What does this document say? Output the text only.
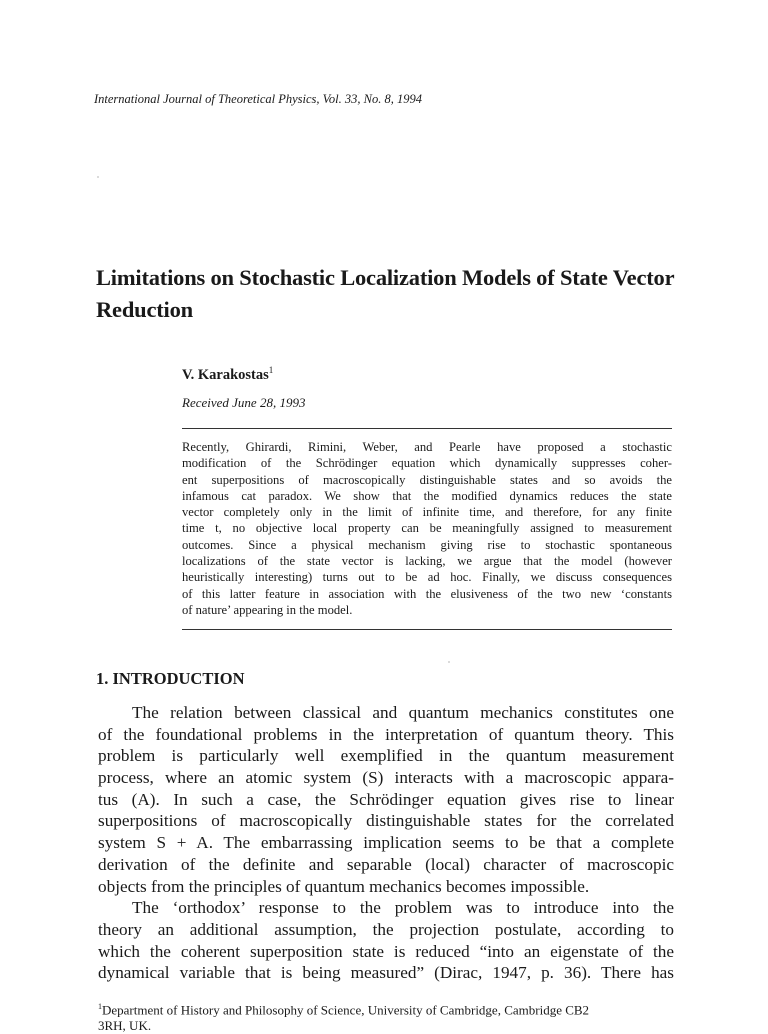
International Journal of Theoretical Physics, Vol. 33, No. 8, 1994
Limitations on Stochastic Localization Models of State Vector Reduction
V. Karakostas$^1$
Received June 28, 1993
Recently, Ghirardi, Rimini, Weber, and Pearle have proposed a stochastic
modification of the Schrödinger equation which dynamically suppresses coher-
ent superpositions of macroscopically distinguishable states and so avoids the
infamous cat paradox. We show that the modified dynamics reduces the state
vector completely only in the limit of infinite time, and therefore, for any finite
time t, no objective local property can be meaningfully assigned to measurement
outcomes. Since a physical mechanism giving rise to stochastic spontaneous
localizations of the state vector is lacking, we argue that the model (however
heuristically interesting) turns out to be ad hoc. Finally, we discuss consequences
of this latter feature in association with the elusiveness of the two new ‘constants
of nature’ appearing in the model.
1. INTRODUCTION
The relation between classical and quantum mechanics constitutes one
of the foundational problems in the interpretation of quantum theory. This
problem is particularly well exemplified in the quantum measurement
process, where an atomic system (S) interacts with a macroscopic appara-
tus (A). In such a case, the Schrödinger equation gives rise to linear
superpositions of macroscopically distinguishable states for the correlated
system S + A. The embarrassing implication seems to be that a complete
derivation of the definite and separable (local) character of macroscopic
objects from the principles of quantum mechanics becomes impossible.
The ‘orthodox’ response to the problem was to introduce into the
theory an additional assumption, the projection postulate, according to
which the coherent superposition state is reduced “into an eigenstate of the
dynamical variable that is being measured” (Dirac, 1947, p. 36). There has
$^1$Department of History and Philosophy of Science, University of Cambridge, Cambridge CB2
3RH, UK.
